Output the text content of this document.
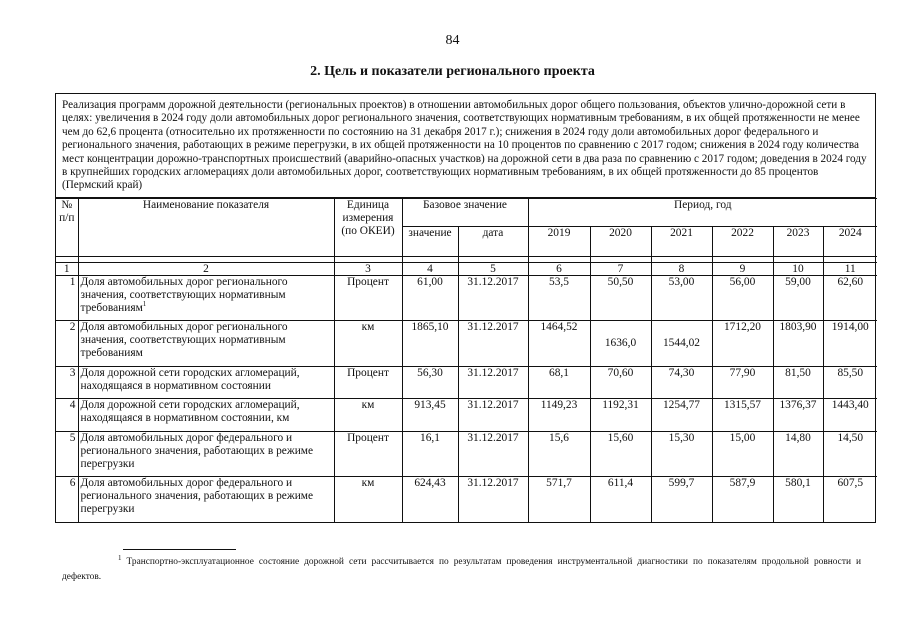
84
2. Цель и показатели регионального проекта
Реализация программ дорожной деятельности (региональных проектов) в отношении автомобильных дорог общего пользования, объектов улично-дорожной сети в целях: увеличения в 2024 году доли автомобильных дорог регионального значения, соответствующих нормативным требованиям, в их общей протяженности не менее чем до 62,6 процента (относительно их протяженности по состоянию на 31 декабря 2017 г.); снижения в 2024 году доли автомобильных дорог федерального и регионального значения, работающих в режиме перегрузки, в их общей протяженности на 10 процентов по сравнению с 2017 годом; снижения в 2024 году количества мест концентрации дорожно-транспортных происшествий (аварийно-опасных участков) на дорожной сети в два раза по сравнению с 2017 годом; доведения в 2024 году в крупнейших городских агломерациях доли автомобильных дорог, соответствующих нормативным требованиям, в их общей протяженности до 85 процентов (Пермский край)
№ п/п	Наименование показателя	Единица измерения (по ОКЕИ)	Базовое значение		Период, год					
			значение	дата	2019	2020	2021	2022	2023	2024

1	2	3	4	5	6	7	8	9	10	11
1	Доля автомобильных дорог регионального значения, соответствующих нормативным требованиям$^1$	Процент	61,00	31.12.2017	53,5	50,50	53,00	56,00	59,00	62,60
2	Доля автомобильных дорог регионального значения, соответствующих нормативным требованиям	км	1865,10	31.12.2017	1464,52	1636,0	1544,02	1712,20	1803,90	1914,00
3	Доля дорожной сети городских агломераций, находящаяся в нормативном состоянии	Процент	56,30	31.12.2017	68,1	70,60	74,30	77,90	81,50	85,50
4	Доля дорожной сети городских агломераций, находящаяся в нормативном состоянии, км	км	913,45	31.12.2017	1149,23	1192,31	1254,77	1315,57	1376,37	1443,40
5	Доля автомобильных дорог федерального и регионального значения, работающих в режиме перегрузки	Процент	16,1	31.12.2017	15,6	15,60	15,30	15,00	14,80	14,50
6	Доля автомобильных дорог федерального и регионального значения, работающих в режиме перегрузки	км	624,43	31.12.2017	571,7	611,4	599,7	587,9	580,1	607,5
$^1$ Транспортно-эксплуатационное состояние дорожной сети рассчитывается по результатам проведения инструментальной диагностики по показателям продольной ровности и дефектов.
